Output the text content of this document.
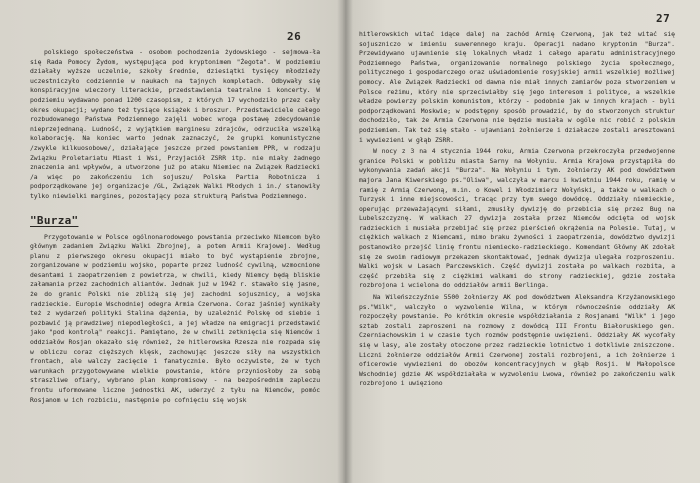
26

polskiego społeczeństwa - osobom pochodzenia żydowskiego - sejmowa-ła się Rada Pomocy Żydom, występująca pod kryptonimem "Żegota". W podziemiu działały wyższe uczelnie, szkoły średnie, dziesiątki tysięcy młodzieży uczestniczyło codziennie w naukach na tajnych kompletach. Odbywały się konspiracyjne wieczory literackie, przedstawienia teatralne i koncerty. W podziemiu wydawano ponad 1200 czasopism, z których 17 wychodziło przez cały okres okupacji; wydano też tysiące książek i broszur. Przedstawiciele całego rozbudowanego Państwa Podziemnego zajęli wobec wroga postawę zdecydowanie nieprzejednaną. Ludność, z wyjątkiem marginesu zdrajców, odrzuciła wszelką kolaborację. Na koniec warto jednak zaznaczyć, że grupki komunistyczne /zwykle kilkuosobowe/, działające jeszcze przed powstaniem PPR, w rodzaju Związku Proletariatu Miast i Wsi, Przyjaciół ZSRR itp. nie miały żadnego znaczenia ani wpływów, a utworzone już po ataku Niemiec na Związek Radziecki /a więc po zakończeniu ich sojuszu/ Polska Partia Robotnicza i podporządkowane jej organizacje /GL, Związek Walki Młodych i in./ stanowiły tylko niewielki margines, pozostający poza strukturą Państwa Podziemnego.

"Burza"

Przygotowanie w Polsce ogólnonarodowego powstania przeciwko Niemcom było głównym zadaniem Związku Walki Zbrojnej, a potem Armii Krajowej. Według planu z pierwszego okresu okupacji miało to być wystąpienie zbrojne, zorganizowane w podziemiu wojsko, poparte przez ludność cywilną, wzmocnione desantami i zaopatrzeniem z powietrza, w chwili, kiedy Niemcy będą bliskie załamania przez zachodnich aliantów. Jednak już w 1942 r. stawało się jasne, że do granic Polski nie zbliżą się jej zachodni sojusznicy, a wojska radzieckie. Europie Wschodniej odegra Armia Czerwona. Coraz jaśniej wynikały też z wydarzeń polityki Stalina dążenia, by uzależnić Polskę od siebie i pozbawić ją prawdziwej niepodległości, a jej władze na emigracji przedstawić jako "pod kontrolą" reakcji. Pamiętano, że w chwili zetknięcia się Niemców i oddziałów Rosjan okazało się również, że hitlerowska Rzesza nie rozpada się w obliczu coraz cięższych klęsk, zachowując jeszcze siły na wszystkich frontach, ale walczy zacięcie i fanatycznie. Było oczywiste, że w tych warunkach przygotowywane wielkie powstanie, które przyniosłoby za sobą straszliwe ofiary, wybrano plan kompromisowy - na bezpośrednim zapleczu frontu uformowane liczne jednostki AK, uderzyć z tyłu na Niemców, pomóc Rosjanom w ich rozbiciu, następnie po cofnięciu się wojsk

27

hitlerowskich witać idące dalej na zachód Armię Czerwoną, jak też witać się sojuszniczo w imieniu suwerennego kraju. Operacji nadano kryptonim "Burza". Przewidywano ujawnienie się lokalnych władz i całego aparatu administracyjnego Podziemnego Państwa, organizowanie normalnego polskiego życia społecznego, politycznego i gospodarczego oraz uświadomienie rosyjskiej armii wszelkiej możliwej pomocy. Ale Związek Radziecki od dawna nie miał innych zamiarów poza stworzeniem w Polsce reżimu, który nie sprzeciwiałby się jego interesom i polityce, a wszelkie władze powierzy polskim komunistom, którzy - podobnie jak w innych krajach - byli podporządkowani Moskwie; w podstępny sposób prowadzić, by do stworzonych struktur dochodziło, tak że Armia Czerwona nie będzie musiała w ogóle nic robić z polskim podziemiem. Tak też się stało - ujawniani żołnierze i działacze zostali aresztowani i wywiezieni w głąb ZSRR.

W nocy z 3 na 4 stycznia 1944 roku, Armia Czerwona przekroczyła przedwojenne granice Polski w pobliżu miasta Sarny na Wołyniu. Armia Krajowa przystąpiła do wykonywania zadań akcji "Burza". Na Wołyniu i tym. żołnierzy AK pod dowództwem majora Jana Kiwerskiego ps."Oliwa", walczyła w marcu i kwietniu 1944 roku, ramię w ramię z Armią Czerwoną, m.in. o Kowel i Włodzimierz Wołyński, a także w walkach o Turzysk i inne miejscowości, tracąc przy tym swego dowódcę. Oddziały niemieckie, operując przeważającymi siłami, zmusiły dywizję do przebicia się przez Bug na Lubelszczyznę. W walkach 27 dywizja została przez Niemców odcięta od wojsk radzieckich i musiała przebijać się przez pierścień okrążenia na Polesie. Tutaj, w ciężkich walkach z Niemcami, mimo braku żywności i zaopatrzenia, dowództwo dywizji postanowiło przejść linię frontu niemiecko-radzieckiego. Komendant Główny AK zdołał się ze swoim radiowym przekazem skontaktować, jednak dywizja ulegała rozproszeniu. Walki wojsk w Lasach Parczewskich. Część dywizji została po walkach rozbita, a część przebiła się z ciężkimi walkami do strony radzieckiej, gdzie została rozbrojona i wcielona do oddziałów armii Berlinga.

Na Wileńszczyźnie 5500 żołnierzy AK pod dowództwem Aleksandra Krzyżanowskiego ps."Wilk", walczyło o wyzwolenie Wilna, w którym równocześnie oddziały AK rozpoczęły powstanie. Po krótkim okresie współdziałania z Rosjanami "Wilk" i jego sztab zostali zaproszeni na rozmowy z dowódcą III Frontu Białoruskiego gen. Czerniachowskim i w czasie tych rozmów podstępnie uwięzieni. Oddziały AK wycofały się w lasy, ale zostały otoczone przez radzieckie lotnictwo i dotkliwie zniszczone. Liczni żołnierze oddziałów Armii Czerwonej zostali rozbrojeni, a ich żołnierze i oficerowie wywiezieni do obozów koncentracyjnych w głąb Rosji. W Małopolsce Wschodniej gdzie AK współdziałała w wyzwoleniu Lwowa, również po zakończeniu walk rozbrojono i uwięziono
